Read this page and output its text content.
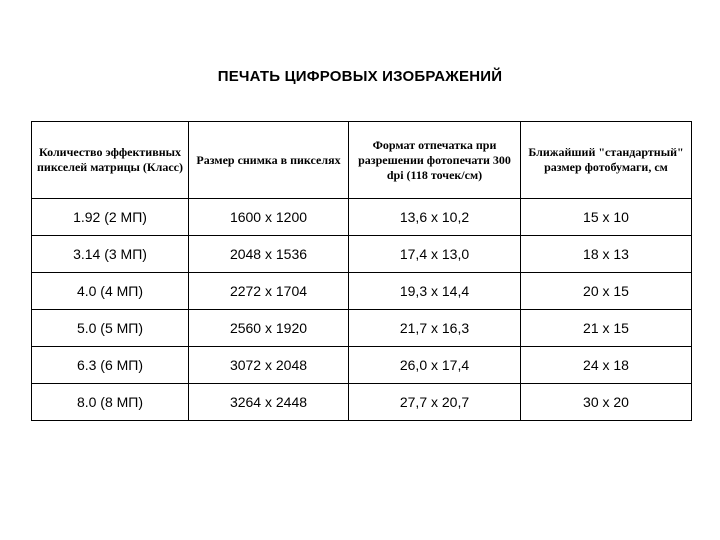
ПЕЧАТЬ ЦИФРОВЫХ ИЗОБРАЖЕНИЙ
Количество эффективных пикселей матрицы (Класс)	Размер снимка в пикселях	Формат отпечатка при разрешении фотопечати 300 dpi (118 точек/см)	Ближайший "стандартный" размер фотобумаги, см
1.92 (2 МП)	1600 x 1200	13,6 x 10,2	15 x 10
3.14 (3 МП)	2048 x 1536	17,4 x 13,0	18 x 13
4.0 (4 МП)	2272 x 1704	19,3 x 14,4	20 x 15
5.0 (5 МП)	2560 x 1920	21,7 x 16,3	21 x 15
6.3 (6 МП)	3072 x 2048	26,0 x 17,4	24 x 18
8.0 (8 МП)	3264 x 2448	27,7 x 20,7	30 x 20
